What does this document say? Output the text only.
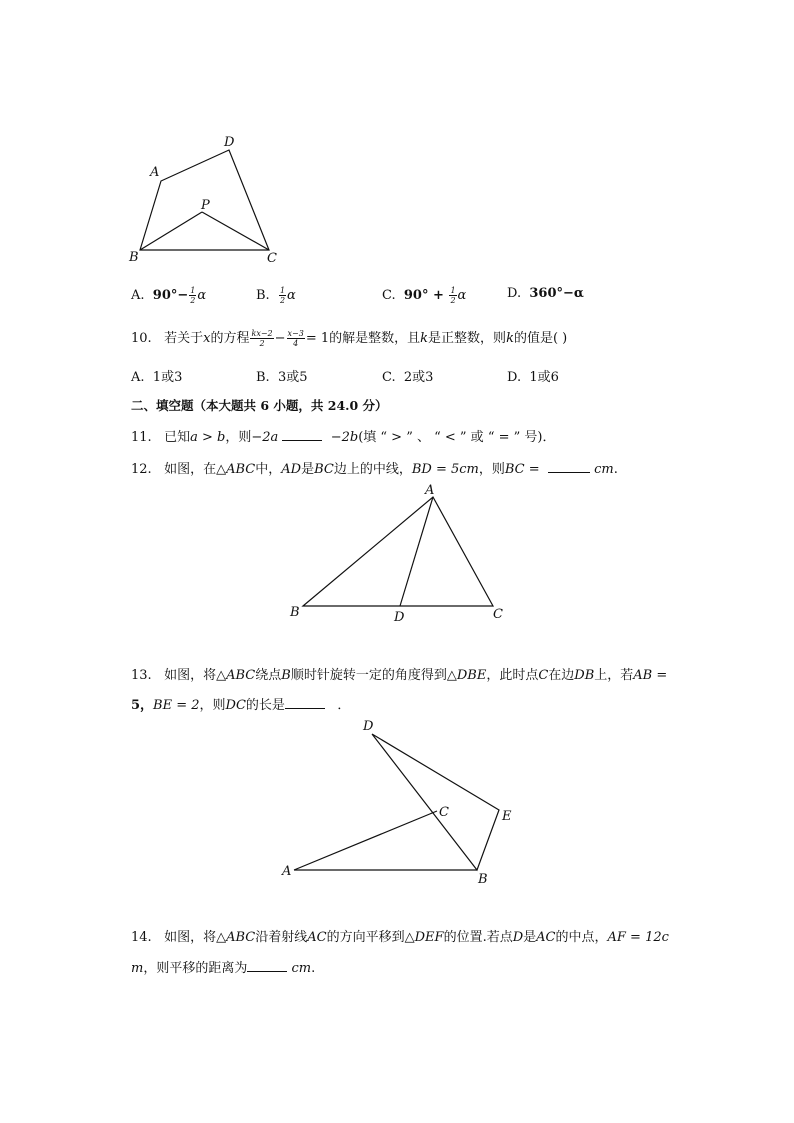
A
D
P
B	C
A. $90^\circ- \frac{1}{2}$ α	B. $\frac{1}{2}$ α	C. $90^\circ + \frac{1}{2}$ α	D. 360°−α
10. 若关于x的方程 $\frac{kx-2}{2} - \frac{x-3}{4} = 1$的解是整数，且k是正整数，则k的值是( )
A. 1或3	B. 3或5	C. 2或3	D. 1或6
二、填空题（本大题共 6 小题，共 24.0 分）
11. 已知a > b，则−2a	−2b(填 “ > ” 、 “ < ” 或 “ = ” 号)．
12. 如图，在△ABC中，AD是BC边上的中线，BD = 5cm，则BC =	cm.
A
B	D	C
13. 如图，将△ABC绕点B顺时针旋转一定的角度得到△DBE，此时点C在边DB上，若AB =
5，BE = 2，则DC的长是	．
D
C	E
A
B
14. 如图，将△ABC沿着射线AC的方向平移到△DEF的位置.若点D是AC的中点，AF = 12c
m，则平移的距离为	cm.
